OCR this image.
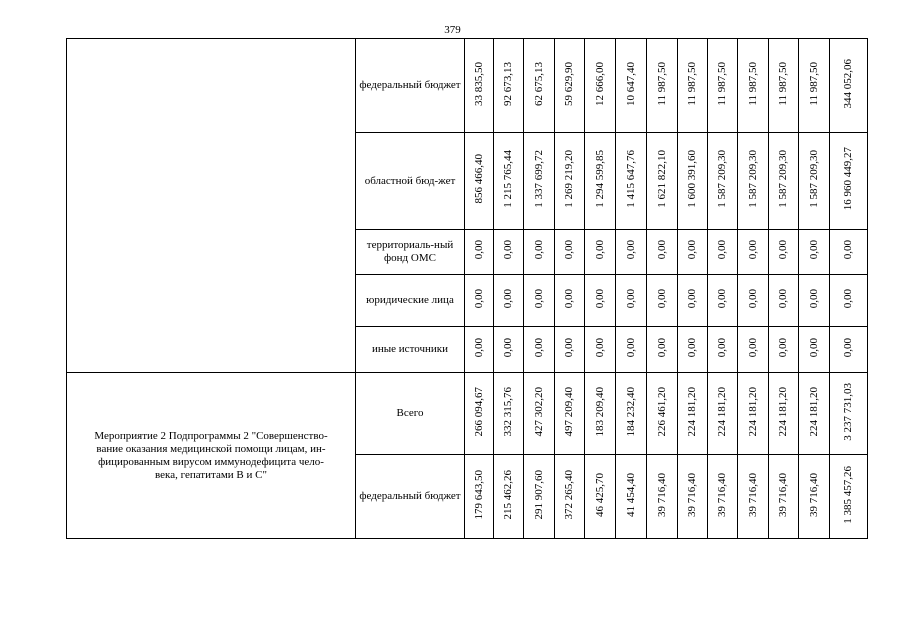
379
	федеральный бюджет	33 835,50	92 673,13	62 675,13	59 629,90	12 666,00	10 647,40	11 987,50	11 987,50	11 987,50	11 987,50	11 987,50	11 987,50	344 052,06
	областной бюд-жет	856 466,40	1 215 765,44	1 337 699,72	1 269 219,20	1 294 599,85	1 415 647,76	1 621 822,10	1 600 391,60	1 587 209,30	1 587 209,30	1 587 209,30	1 587 209,30	16 960 449,27
	территориаль-ный фонд ОМС	0,00	0,00	0,00	0,00	0,00	0,00	0,00	0,00	0,00	0,00	0,00	0,00	0,00
	юридические лица	0,00	0,00	0,00	0,00	0,00	0,00	0,00	0,00	0,00	0,00	0,00	0,00	0,00
	иные источники	0,00	0,00	0,00	0,00	0,00	0,00	0,00	0,00	0,00	0,00	0,00	0,00	0,00

Мероприятие 2 Подпрограммы 2 "Совершенство-
вание оказания медицинской помощи лицам, ин-
фицированным вирусом иммунодефицита чело-
века, гепатитами В и С"	Всего	266 094,67	332 315,76	427 302,20	497 209,40	183 209,40	184 232,40	226 461,20	224 181,20	224 181,20	224 181,20	224 181,20	224 181,20	3 237 731,03
	федеральный бюджет	179 643,50	215 462,26	291 907,60	372 265,40	46 425,70	41 454,40	39 716,40	39 716,40	39 716,40	39 716,40	39 716,40	39 716,40	1 385 457,26
